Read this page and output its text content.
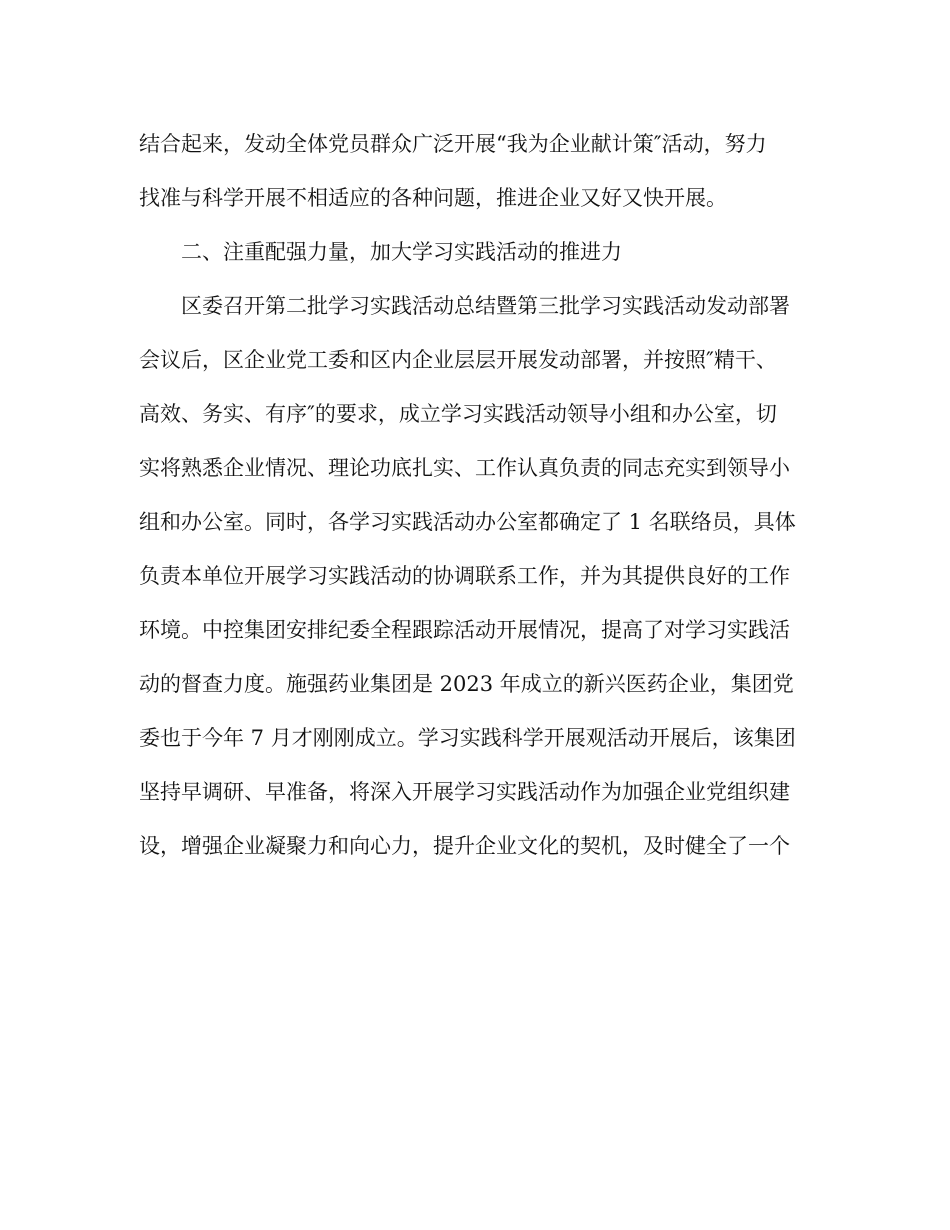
结合起来，发动全体党员群众广泛开展“我为企业献计策″活动，努力
找准与科学开展不相适应的各种问题，推进企业又好又快开展。
二、注重配强力量，加大学习实践活动的推进力
区委召开第二批学习实践活动总结暨第三批学习实践活动发动部署
会议后，区企业党工委和区内企业层层开展发动部署，并按照″精干、
高效、务实、有序″的要求，成立学习实践活动领导小组和办公室，切
实将熟悉企业情况、理论功底扎实、工作认真负责的同志充实到领导小
组和办公室。同时，各学习实践活动办公室都确定了 1 名联络员，具体
负责本单位开展学习实践活动的协调联系工作，并为其提供良好的工作
环境。中控集团安排纪委全程跟踪活动开展情况，提高了对学习实践活
动的督查力度。施强药业集团是 2023 年成立的新兴医药企业，集团党
委也于今年 7 月才刚刚成立。学习实践科学开展观活动开展后，该集团
坚持早调研、早准备，将深入开展学习实践活动作为加强企业党组织建
设，增强企业凝聚力和向心力，提升企业文化的契机，及时健全了一个
